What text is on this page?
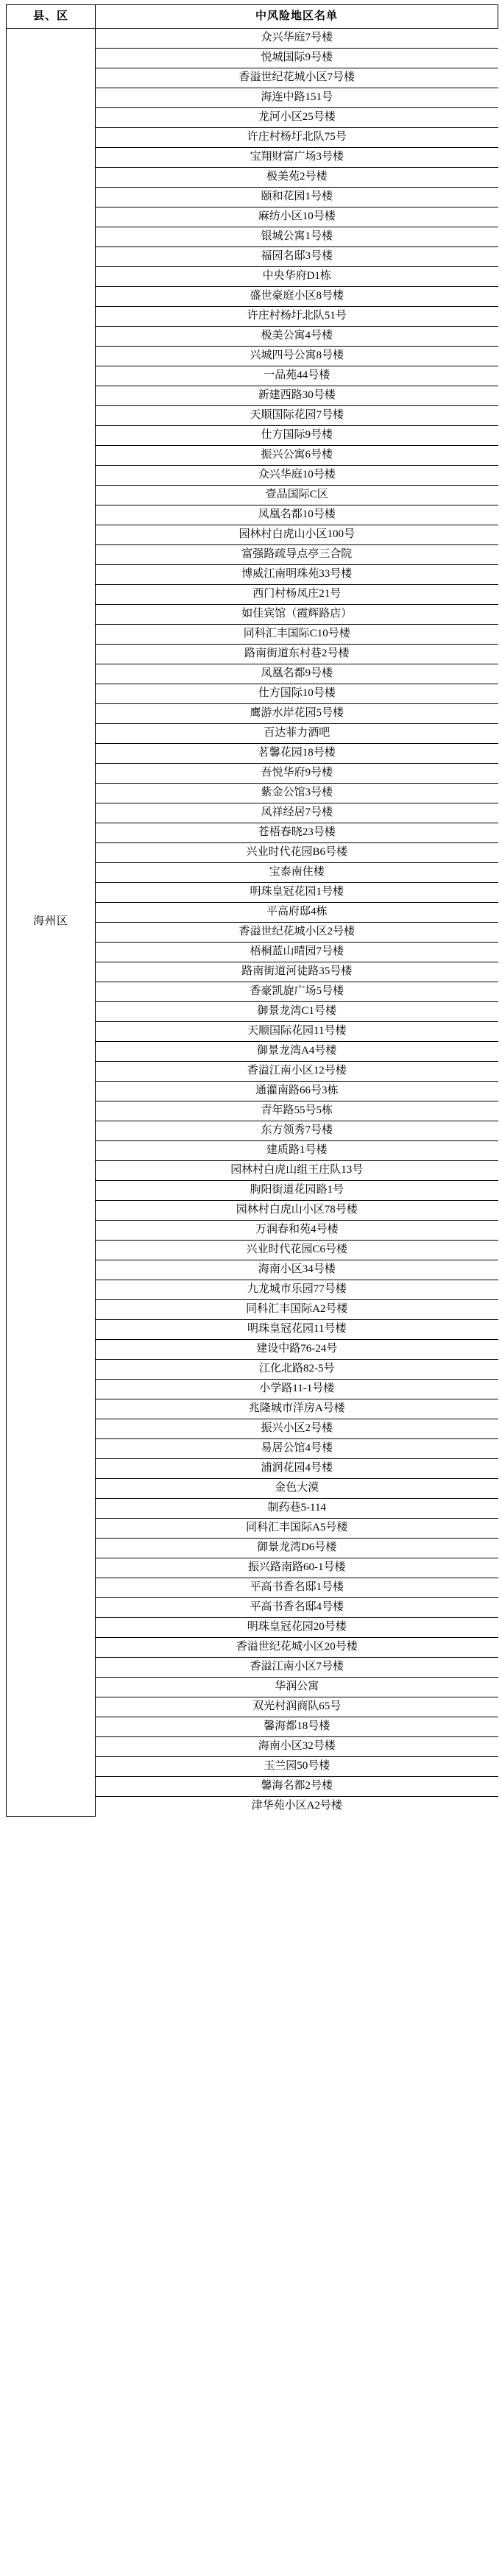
县、区	中风险地区名单
海州区	
众兴华庭7号楼
悦城国际9号楼
香溢世纪花城小区7号楼
海连中路151号
龙河小区25号楼
许庄村杨圩北队75号
宝翔财富广场3号楼
极美苑2号楼
颐和花园1号楼
麻纺小区10号楼
银城公寓1号楼
福园名邸3号楼
中央华府D1栋
盛世豪庭小区8号楼
许庄村杨圩北队51号
极美公寓4号楼
兴城四号公寓8号楼
一品苑44号楼
新建西路30号楼
天顺国际花园7号楼
仕方国际9号楼
振兴公寓6号楼
众兴华庭10号楼
壹品国际C区
凤凰名都10号楼
园林村白虎山小区100号
富强路疏导点亭三合院
博威江南明珠苑33号楼
西门村杨凤庄21号
如佳宾馆（霞辉路店）
同科汇丰国际C10号楼
路南街道东村巷2号楼
凤凰名都9号楼
仕方国际10号楼
鹰游水岸花园5号楼
百达菲力酒吧
茗馨花园18号楼
吾悦华府9号楼
紫金公馆3号楼
凤祥经居7号楼
苍梧春晓23号楼
兴业时代花园B6号楼
宝泰南住楼
明珠皇冠花园1号楼
平高府邸4栋
香溢世纪花城小区2号楼
梧桐蓝山晴园7号楼
路南街道河徒路35号楼
香豪凯旋广场5号楼
御景龙湾C1号楼
天顺国际花园11号楼
御景龙湾A4号楼
香溢江南小区12号楼
通灌南路66号3栋
青年路55号5栋
东方领秀7号楼
建质路1号楼
园林村白虎山组王庄队13号
朐阳街道花园路1号
园林村白虎山小区78号楼
万润春和苑4号楼
兴业时代花园C6号楼
海南小区34号楼
九龙城市乐园77号楼
同科汇丰国际A2号楼
明珠皇冠花园11号楼
建设中路76-24号
江化北路82-5号
小学路11-1号楼
兆隆城市洋房A号楼
振兴小区2号楼
易居公馆4号楼
浦润花园4号楼
金色大漠
制药巷5-114
同科汇丰国际A5号楼
御景龙湾D6号楼
振兴路南路60-1号楼
平高书香名邸1号楼
平高书香名邸4号楼
明珠皇冠花园20号楼
香溢世纪花城小区20号楼
香溢江南小区7号楼
华润公寓
双光村润商队65号
馨海都18号楼
海南小区32号楼
玉兰园50号楼
馨海名都2号楼
津华苑小区A2号楼
